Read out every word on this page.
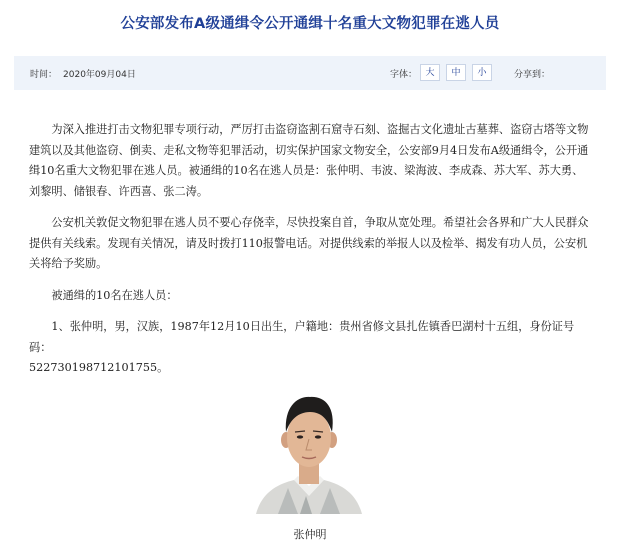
公安部发布A级通缉令公开通缉十名重大文物犯罪在逃人员
时间： 2020年09月04日	字体： 大	中	小	分享到：

为深入推进打击文物犯罪专项行动，严厉打击盗窃盗割石窟寺石刻、盗掘古文化遗址古墓葬、盗窃古塔等文物建筑以及其他盗窃、倒卖、走私文物等犯罪活动，切实保护国家文物安全，公安部9月4日发布A级通缉令，公开通缉10名重大文物犯罪在逃人员。被通缉的10名在逃人员是：张仲明、韦波、梁海波、李成森、苏大军、苏大勇、刘黎明、储银春、许西喜、张二涛。

公安机关敦促文物犯罪在逃人员不要心存侥幸，尽快投案自首，争取从宽处理。希望社会各界和广大人民群众提供有关线索。发现有关情况，请及时拨打110报警电话。对提供线索的举报人以及检举、揭发有功人员，公安机关将给予奖励。

被通缉的10名在逃人员：

1、张仲明，男，汉族，1987年12月10日出生，户籍地：贵州省修文县扎佐镇香巴湖村十五组，身份证号码：

522730198712101755。

张仲明
